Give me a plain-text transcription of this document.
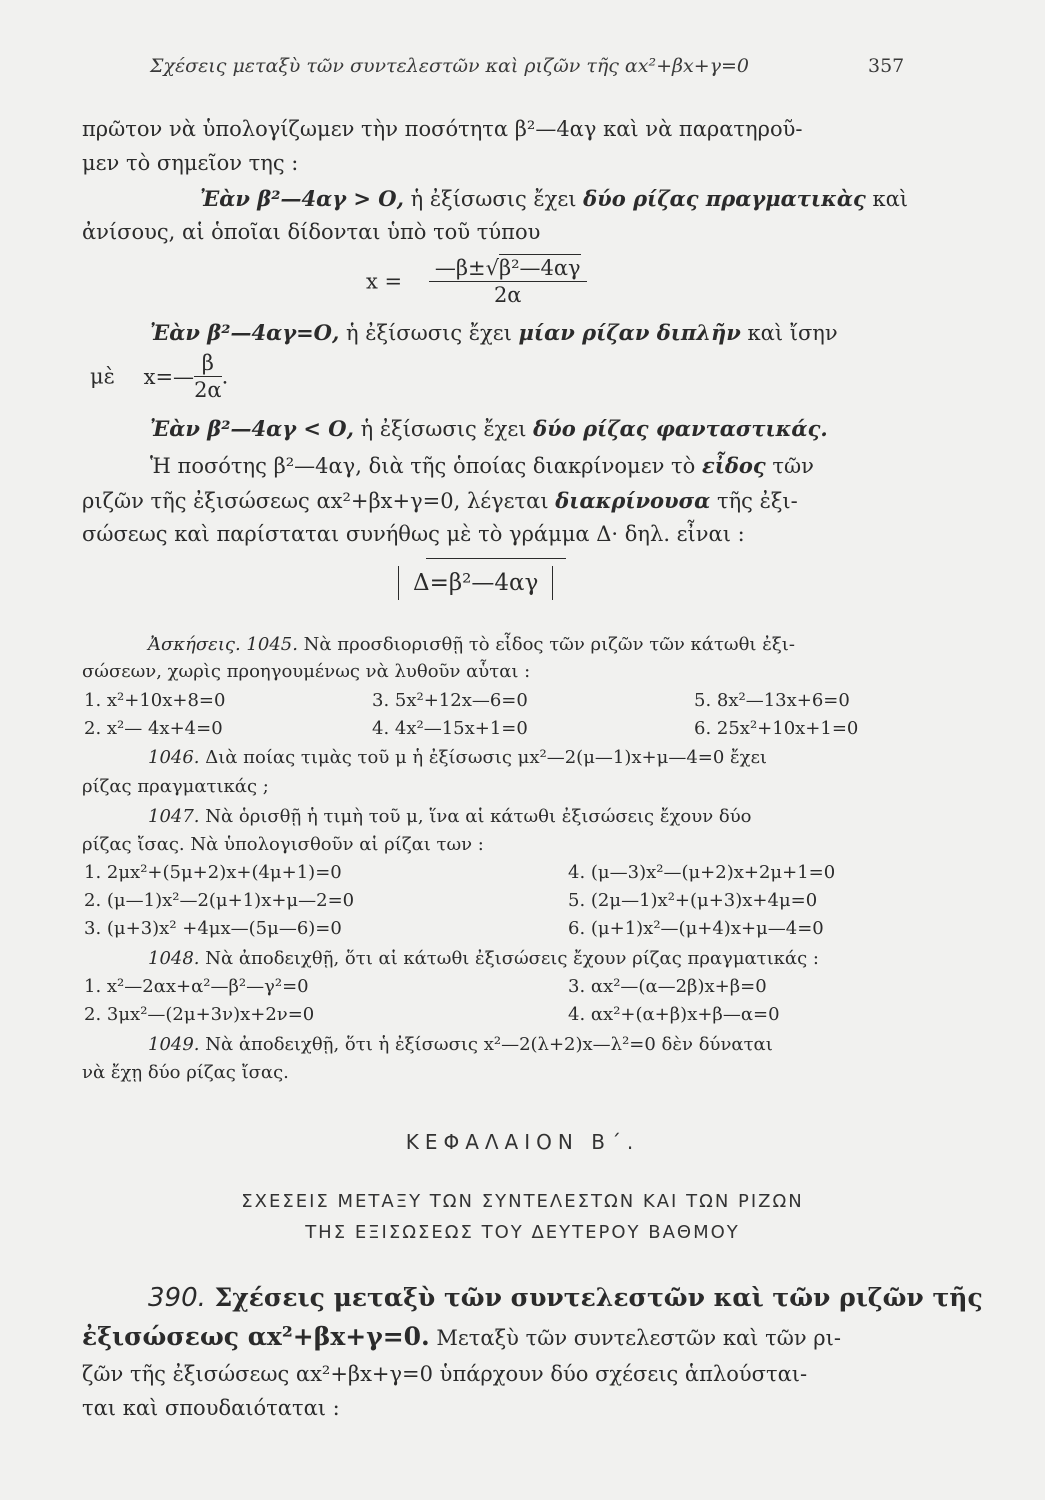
Σχέσεις μεταξὺ τῶν συντελεστῶν καὶ ριζῶν τῆς αx²+βx+γ=0	357
πρῶτον νὰ ὑπολογίζωμεν τὴν ποσότητα β²—4αγ καὶ νὰ παρατηροῦ-
μεν τὸ σημεῖον της :
Ἐὰν β²—4αγ > Ο, ἡ ἐξίσωσις ἔχει δύο ρίζας πραγματικὰς καὶ
ἀνίσους, αἱ ὁποῖαι δίδονται ὑπὸ τοῦ τύπου
$x = \frac{\text{—β±√β²—4αγ}}{2\alpha}$
Ἐὰν β²—4αγ=Ο, ἡ ἐξίσωσις ἔχει μίαν ρίζαν διπλῆν καὶ ἴσην
μὲ x=— $\frac{\beta}{2\alpha}$ .
Ἐὰν β²—4αγ < Ο, ἡ ἐξίσωσις ἔχει δύο ρίζας φανταστικάς.
Ἡ ποσότης β²—4αγ, διὰ τῆς ὁποίας διακρίνομεν τὸ εἶδος τῶν
ριζῶν τῆς ἐξισώσεως αx²+βx+γ=0, λέγεται διακρίνουσα τῆς ἐξι-
σώσεως καὶ παρίσταται συνήθως μὲ τὸ γράμμα Δ· δηλ. εἶναι :
Δ=β²—4αγ
Ἀσκήσεις. 1045. Νὰ προσδιορισθῇ τὸ εἶδος τῶν ριζῶν τῶν κάτωθι ἐξι-
σώσεων, χωρὶς προηγουμένως νὰ λυθοῦν αὗται :
1. x²+10x+8=0	3. 5x²+12x—6=0	5. 8x²—13x+6=0
2. x²— 4x+4=0	4. 4x²—15x+1=0	6. 25x²+10x+1=0
1046. Διὰ ποίας τιμὰς τοῦ μ ἡ ἐξίσωσις μx²—2(μ—1)x+μ—4=0 ἔχει
ρίζας πραγματικάς ;
1047. Νὰ ὁρισθῇ ἡ τιμὴ τοῦ μ, ἵνα αἱ κάτωθι ἐξισώσεις ἔχουν δύο
ρίζας ἴσας. Νὰ ὑπολογισθοῦν αἱ ρίζαι των :
1. 2μx²+(5μ+2)x+(4μ+1)=0	4. (μ—3)x²—(μ+2)x+2μ+1=0
2. (μ—1)x²—2(μ+1)x+μ—2=0	5. (2μ—1)x²+(μ+3)x+4μ=0
3. (μ+3)x² +4μx—(5μ—6)=0	6. (μ+1)x²—(μ+4)x+μ—4=0
1048. Νὰ ἀποδειχθῇ, ὅτι αἱ κάτωθι ἐξισώσεις ἔχουν ρίζας πραγματικάς :
1. x²—2αx+α²—β²—γ²=0	3. αx²—(α—2β)x+β=0
2. 3μx²—(2μ+3ν)x+2ν=0	4. αx²+(α+β)x+β—α=0
1049. Νὰ ἀποδειχθῇ, ὅτι ἡ ἐξίσωσις x²—2(λ+2)x—λ²=0 δὲν δύναται
νὰ ἔχῃ δύο ρίζας ἴσας.
ΚΕΦΑΛΑΙΟΝ Β΄.
ΣΧΕΣΕΙΣ ΜΕΤΑΞΥ ΤΩΝ ΣΥΝΤΕΛΕΣΤΩΝ ΚΑΙ ΤΩΝ ΡΙΖΩΝ
ΤΗΣ ΕΞΙΣΩΣΕΩΣ ΤΟΥ ΔΕΥΤΕΡΟΥ ΒΑΘΜΟΥ
390. Σχέσεις μεταξὺ τῶν συντελεστῶν καὶ τῶν ριζῶν τῆς
ἐξισώσεως αx²+βx+γ=0. Μεταξὺ τῶν συντελεστῶν καὶ τῶν ρι-
ζῶν τῆς ἐξισώσεως αx²+βx+γ=0 ὑπάρχουν δύο σχέσεις ἁπλούσται-
ται καὶ σπουδαιόταται :
